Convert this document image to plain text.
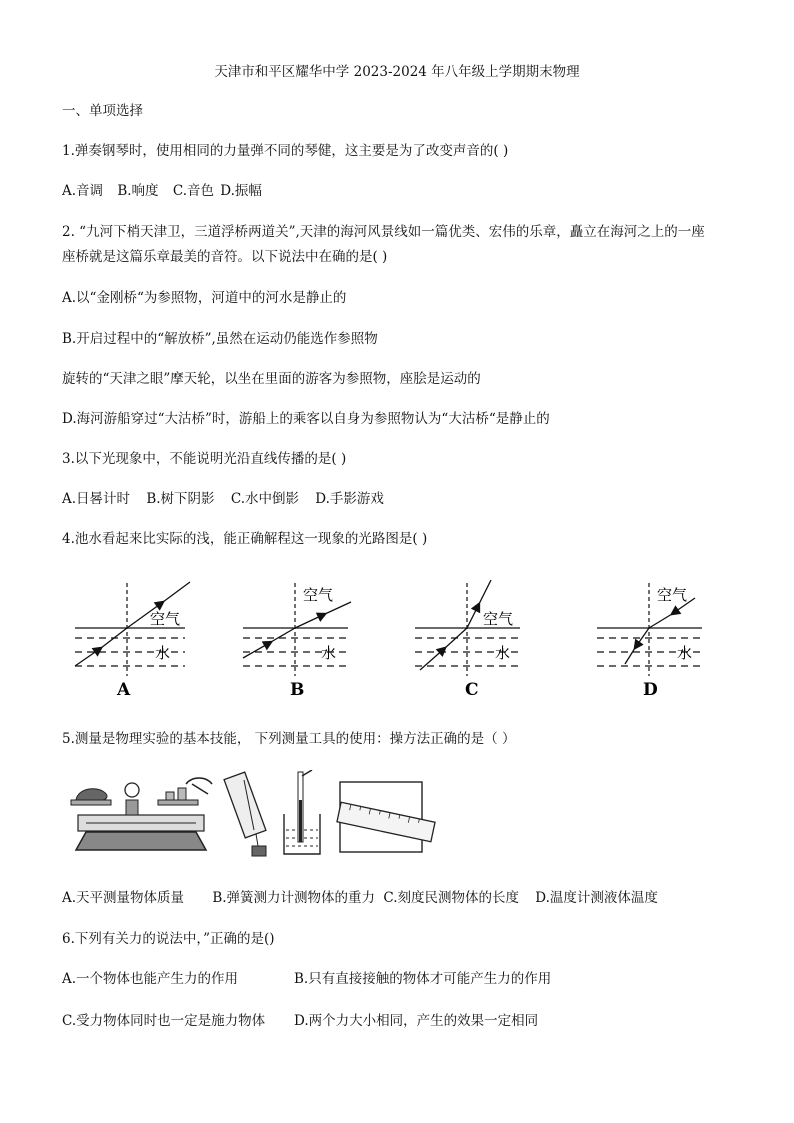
天津市和平区耀华中学 2023-2024 年八年级上学期期末物理
一、单项选择
1.弹奏钢琴时，使用相同的力量弹不同的琴健，这主要是为了改变声音的( )
A.音调 B.响度 C.音色 D.振幅
2. “九河下梢天津卫，三道浮桥两道关”,天津的海河风景线如一篇优类、宏伟的乐章，矗立在海河之上的一座
座桥就是这篇乐章最美的音符。以下说法中在确的是( )
A.以“金刚桥“为参照物，河道中的河水是静止的
B.开启过程中的“解放桥”,虽然在运动仍能选作参照物
旋转的“天津之眼”摩天轮，以坐在里面的游客为参照物，座脍是运动的
D.海河游船穿过“大沽桥”时，游船上的乘客以自身为参照物认为“大沽桥“是静止的
3.以下光现象中，不能说明光沿直线传播的是( )
A.日晷计时 B.树下阴影 C.水中倒影 D.手影游戏
4.池水看起来比实际的浅，能正确解程这一现象的光路图是( )
空气
水
A
空气
水
B
空气
水
C
空气
水
D
5.测量是物理实验的基本技能， 下列测量工具的使用：操方法正确的是（ ）
A.天平测量物体质量 B.弹簧测力计测物体的重力 C.刻度民测物体的长度 D.温度计测液体温度
6.下列有关力的说法中，”正确的是()
A.一个物体也能产生力的作用	B.只有直接接触的物体才可能产生力的作用
C.受力物体同时也一定是施力物体 D.两个力大小相同，产生的效果一定相同
